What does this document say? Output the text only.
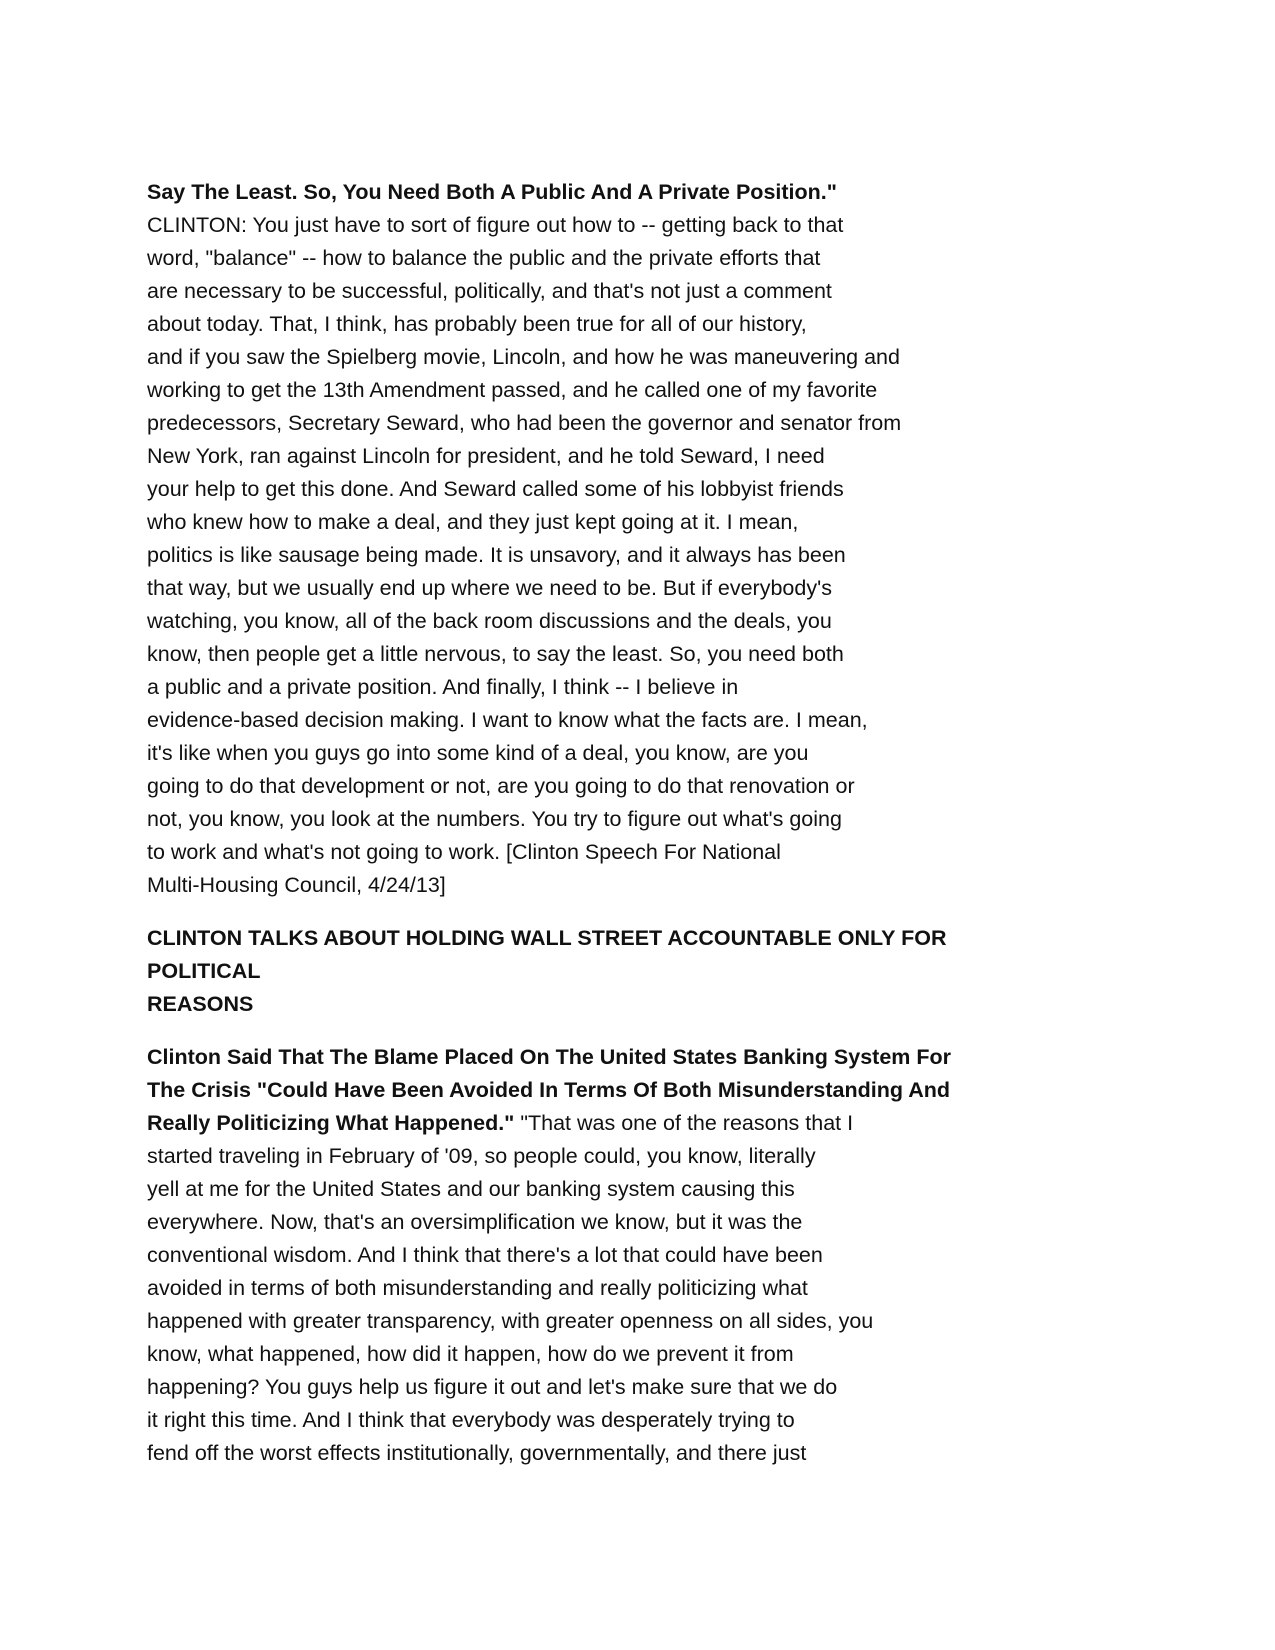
Say The Least. So, You Need Both A Public And A Private Position."
CLINTON: You just have to sort of figure out how to -- getting back to that
word, "balance" -- how to balance the public and the private efforts that
are necessary to be successful, politically, and that's not just a comment
about today. That, I think, has probably been true for all of our history,
and if you saw the Spielberg movie, Lincoln, and how he was maneuvering and
working to get the 13th Amendment passed, and he called one of my favorite
predecessors, Secretary Seward, who had been the governor and senator from
New York, ran against Lincoln for president, and he told Seward, I need
your help to get this done. And Seward called some of his lobbyist friends
who knew how to make a deal, and they just kept going at it. I mean,
politics is like sausage being made. It is unsavory, and it always has been
that way, but we usually end up where we need to be. But if everybody's
watching, you know, all of the back room discussions and the deals, you
know, then people get a little nervous, to say the least. So, you need both
a public and a private position. And finally, I think -- I believe in
evidence-based decision making. I want to know what the facts are. I mean,
it's like when you guys go into some kind of a deal, you know, are you
going to do that development or not, are you going to do that renovation or
not, you know, you look at the numbers. You try to figure out what's going
to work and what's not going to work. [Clinton Speech For National
Multi-Housing Council, 4/24/13]
CLINTON TALKS ABOUT HOLDING WALL STREET ACCOUNTABLE ONLY FOR
POLITICAL
REASONS
Clinton Said That The Blame Placed On The United States Banking System For
The Crisis "Could Have Been Avoided In Terms Of Both Misunderstanding And
Really Politicizing What Happened." "That was one of the reasons that I
started traveling in February of '09, so people could, you know, literally
yell at me for the United States and our banking system causing this
everywhere. Now, that's an oversimplification we know, but it was the
conventional wisdom. And I think that there's a lot that could have been
avoided in terms of both misunderstanding and really politicizing what
happened with greater transparency, with greater openness on all sides, you
know, what happened, how did it happen, how do we prevent it from
happening? You guys help us figure it out and let's make sure that we do
it right this time. And I think that everybody was desperately trying to
fend off the worst effects institutionally, governmentally, and there just
